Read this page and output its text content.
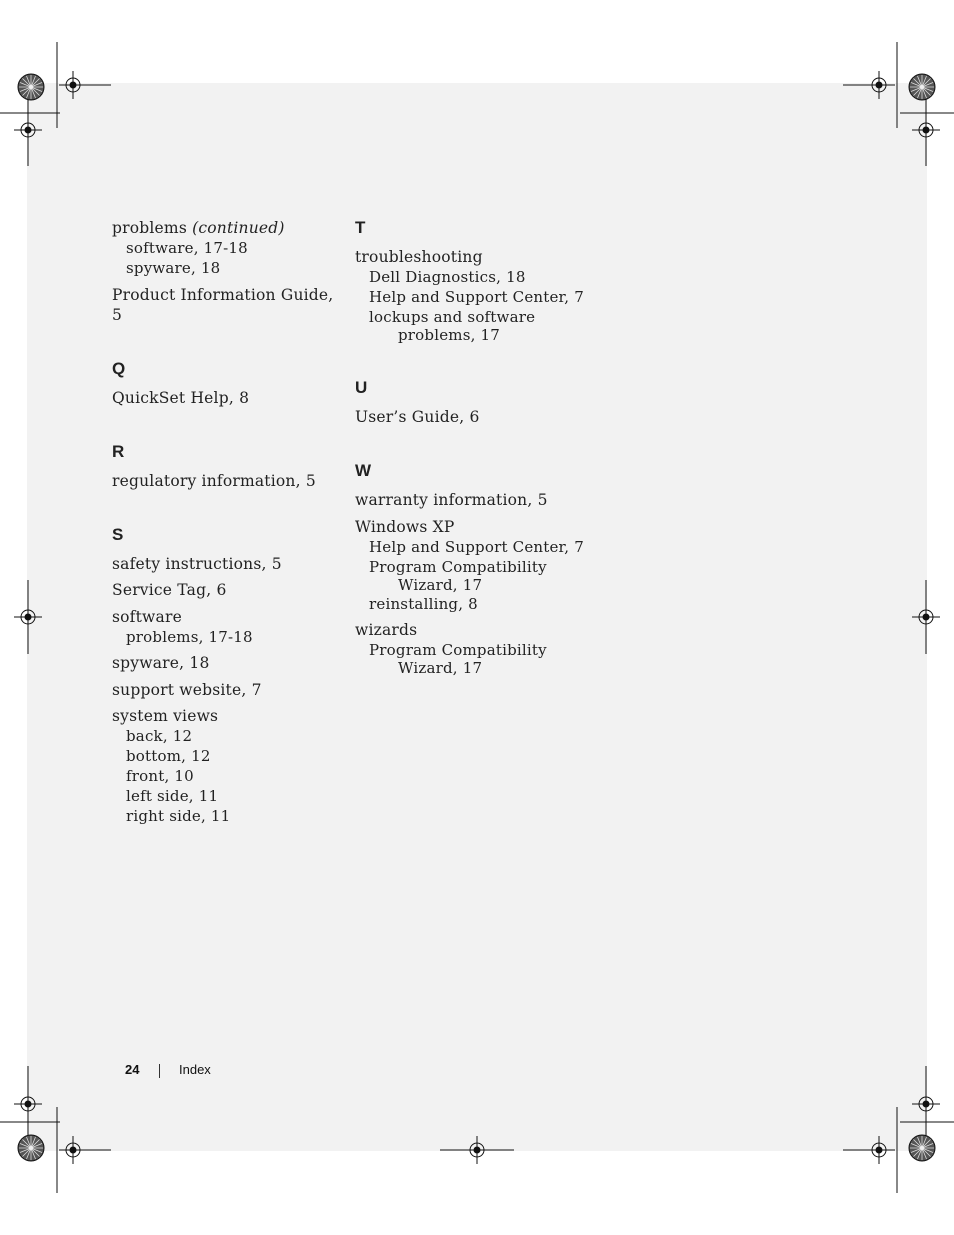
problems (continued)
software, 17-18
spyware, 18
Product Information Guide, 5
Q
QuickSet Help, 8
R
regulatory information, 5
S
safety instructions, 5
Service Tag, 6
software
problems, 17-18
spyware, 18
support website, 7
system views
back, 12
bottom, 12
front, 10
left side, 11
right side, 11
T
troubleshooting
Dell Diagnostics, 18
Help and Support Center, 7
lockups and software
problems, 17
U
User’s Guide, 6
W
warranty information, 5
Windows XP
Help and Support Center, 7
Program Compatibility
Wizard, 17
reinstalling, 8
wizards
Program Compatibility
Wizard, 17
24	Index
